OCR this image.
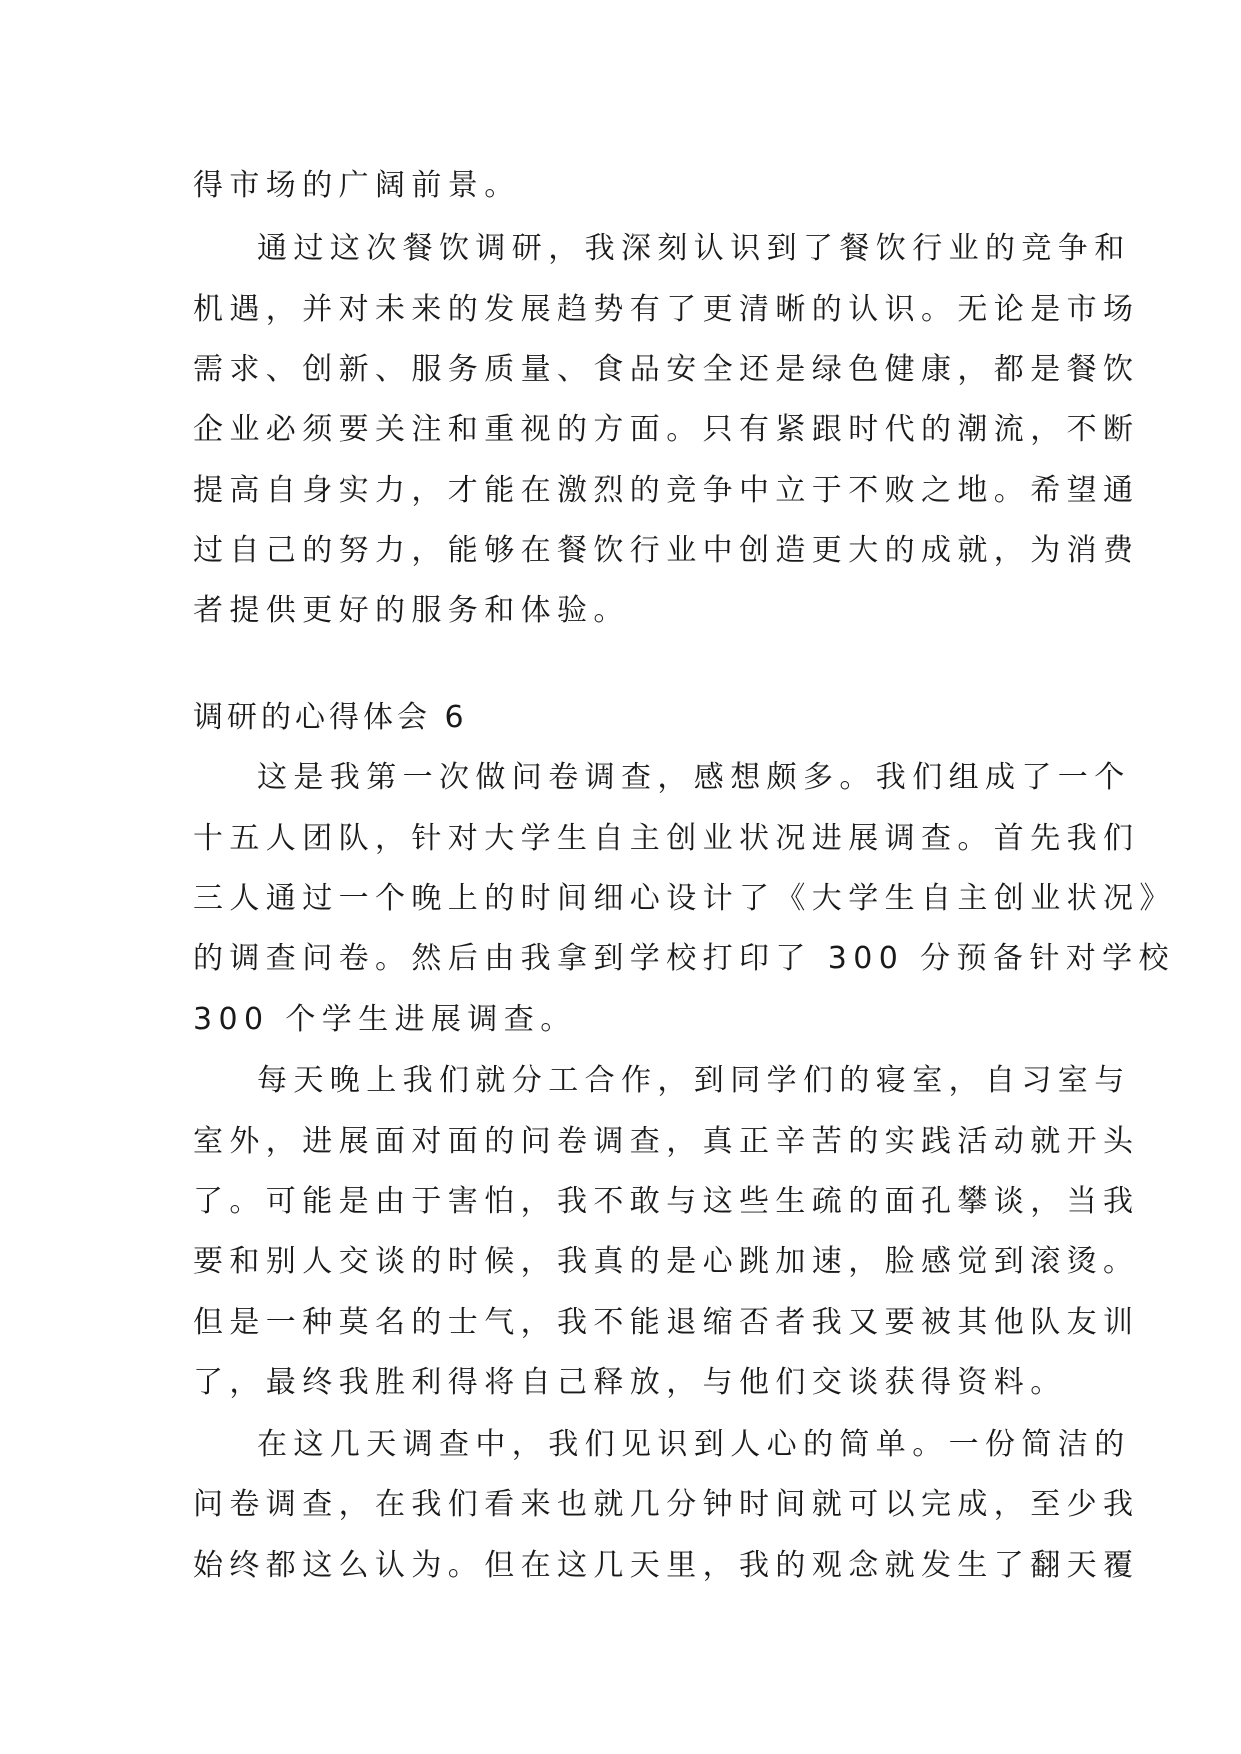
得市场的广阔前景。

通过这次餐饮调研，我深刻认识到了餐饮行业的竞争和

机遇，并对未来的发展趋势有了更清晰的认识。无论是市场

需求、创新、服务质量、食品安全还是绿色健康，都是餐饮

企业必须要关注和重视的方面。只有紧跟时代的潮流，不断

提高自身实力，才能在激烈的竞争中立于不败之地。希望通

过自己的努力，能够在餐饮行业中创造更大的成就，为消费

者提供更好的服务和体验。

调研的心得体会 6

这是我第一次做问卷调查，感想颇多。我们组成了一个

十五人团队，针对大学生自主创业状况进展调查。首先我们

三人通过一个晚上的时间细心设计了《大学生自主创业状况》

的调查问卷。然后由我拿到学校打印了 300 分预备针对学校

300 个学生进展调查。

每天晚上我们就分工合作，到同学们的寝室，自习室与

室外，进展面对面的问卷调查，真正辛苦的实践活动就开头

了。可能是由于害怕，我不敢与这些生疏的面孔攀谈，当我

要和别人交谈的时候，我真的是心跳加速，脸感觉到滚烫。

但是一种莫名的士气，我不能退缩否者我又要被其他队友训

了，最终我胜利得将自己释放，与他们交谈获得资料。

在这几天调查中，我们见识到人心的简单。一份简洁的

问卷调查，在我们看来也就几分钟时间就可以完成，至少我

始终都这么认为。但在这几天里，我的观念就发生了翻天覆
